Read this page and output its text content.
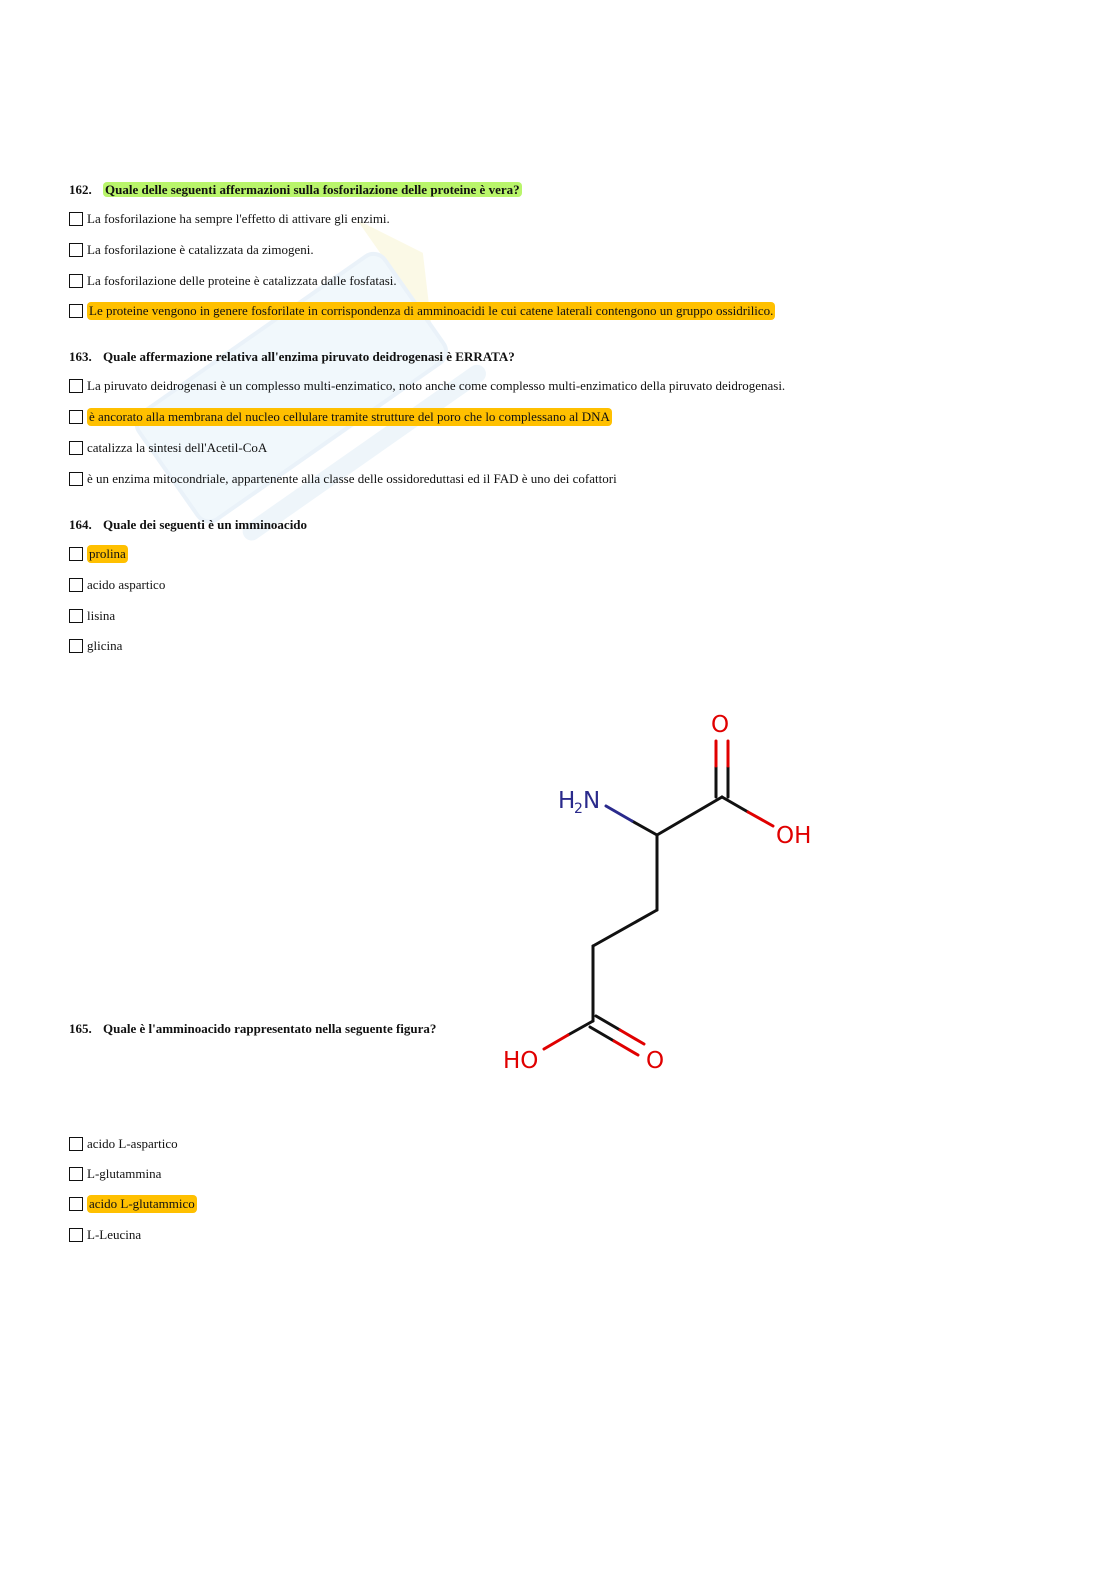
162. Quale delle seguenti affermazioni sulla fosforilazione delle proteine è vera?
La fosforilazione ha sempre l'effetto di attivare gli enzimi.
La fosforilazione è catalizzata da zimogeni.
La fosforilazione delle proteine è catalizzata dalle fosfatasi.
Le proteine vengono in genere fosforilate in corrispondenza di amminoacidi le cui catene laterali contengono un gruppo ossidrilico.
163. Quale affermazione relativa all'enzima piruvato deidrogenasi è ERRATA?
La piruvato deidrogenasi è un complesso multi-enzimatico, noto anche come complesso multi-enzimatico della piruvato deidrogenasi.
è ancorato alla membrana del nucleo cellulare tramite strutture del poro che lo complessano al DNA
catalizza la sintesi dell'Acetil-CoA
è un enzima mitocondriale, appartenente alla classe delle ossidoreduttasi ed il FAD è uno dei cofattori
164. Quale dei seguenti è un imminoacido
prolina
acido aspartico
lisina
glicina
H
2 N
O
OH
HO	O
165. Quale è l'amminoacido rappresentato nella seguente figura?
acido L-aspartico
L-glutammina
acido L-glutammico
L-Leucina
